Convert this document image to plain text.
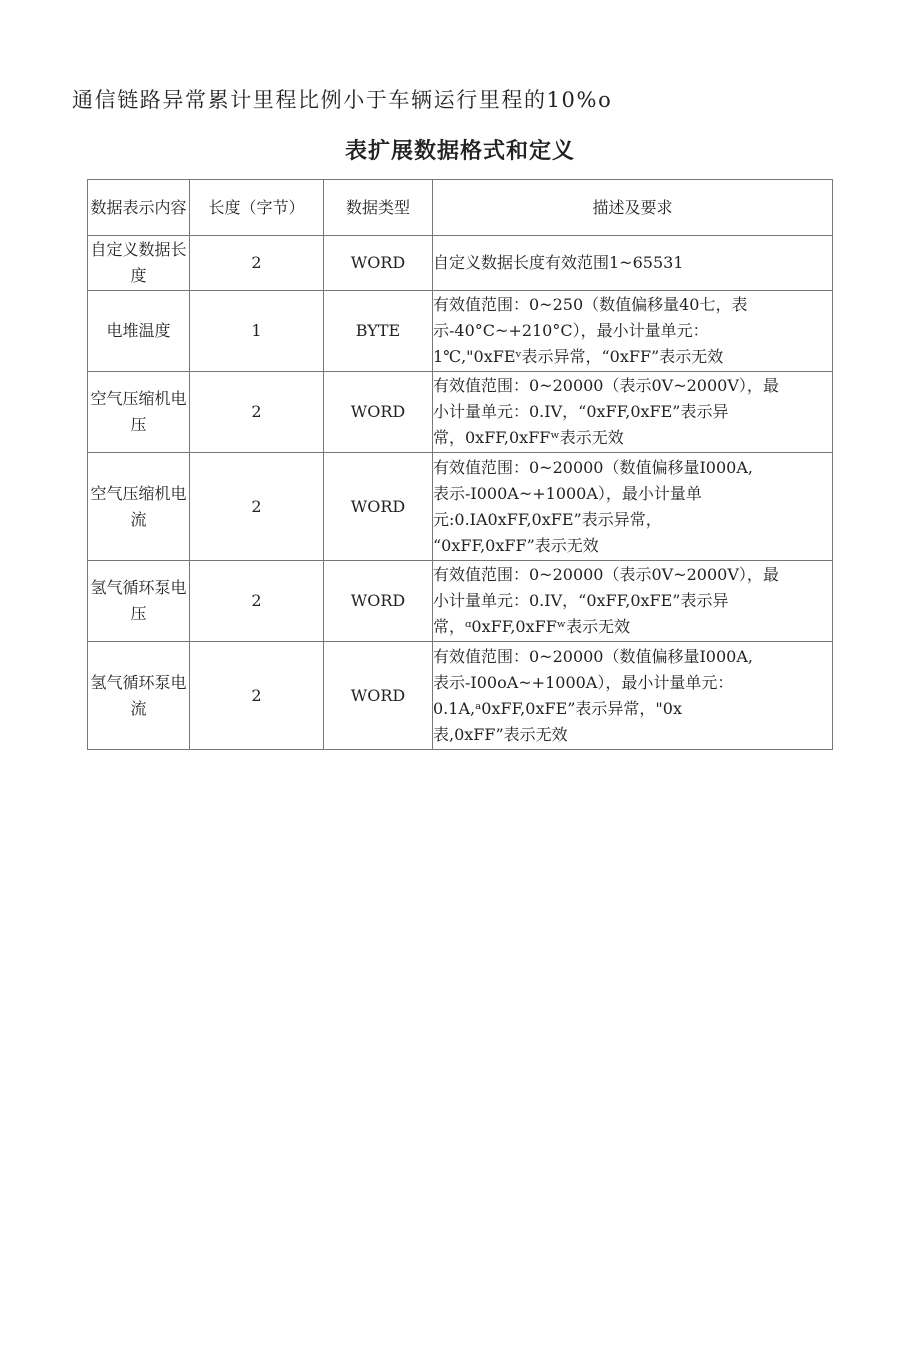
通信链路异常累计里程比例小于车辆运行里程的10%o
表扩展数据格式和定义
数据表示内容	长度（字节）	数据类型	描述及要求
自定义数据长度	2	WORD	自定义数据长度有效范围1~65531
电堆温度	1	BYTE	有效值范围：0~250（数值偏移量40七，表
示-40°C~+210°C），最小计量单元：
1℃,"0xFEᵛ表示异常，“0xFF”表示无效
空气压缩机电压	2	WORD	有效值范围：0~20000（表示0V~2000V），最
小计量单元：0.IV，“0xFF,0xFE”表示异
常，0xFF,0xFFʷ表示无效
空气压缩机电流	2	WORD	有效值范围：0~20000（数值偏移量I000A,
表示-I000A~+1000A），最小计量单
元:0.IA0xFF,0xFE”表示异常，
“0xFF,0xFF”表示无效
氢气循环泵电压	2	WORD	有效值范围：0~20000（表示0V~2000V），最
小计量单元：0.IV，“0xFF,0xFE”表示异
常，ᵅ0xFF,0xFFʷ表示无效
氢气循环泵电流	2	WORD	有效值范围：0~20000（数值偏移量I000A,
表示-I00oA~+1000A），最小计量单元：
0.1A,ᵃ0xFF,0xFE”表示异常，"0x
表,0xFF”表示无效
